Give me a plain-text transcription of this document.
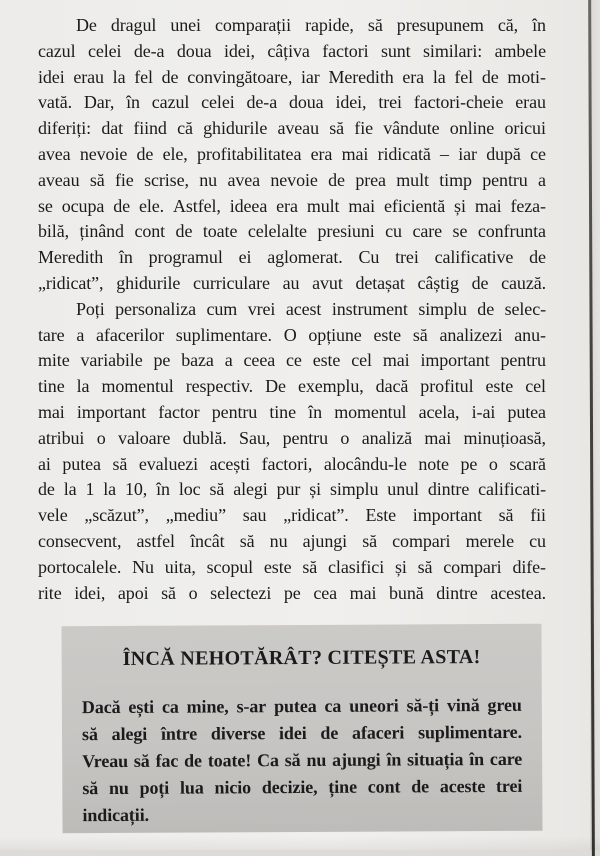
De dragul unei comparații rapide, să presupunem că, în
cazul celei de-a doua idei, câțiva factori sunt similari: ambele
idei erau la fel de convingătoare, iar Meredith era la fel de moti-
vată. Dar, în cazul celei de-a doua idei, trei factori-cheie erau
diferiți: dat fiind că ghidurile aveau să fie vândute online oricui
avea nevoie de ele, profitabilitatea era mai ridicată – iar după ce
aveau să fie scrise, nu avea nevoie de prea mult timp pentru a
se ocupa de ele. Astfel, ideea era mult mai eficientă și mai feza-
bilă, ținând cont de toate celelalte presiuni cu care se confrunta
Meredith în programul ei aglomerat. Cu trei calificative de
„ridicat”, ghidurile curriculare au avut detașat câștig de cauză.
Poți personaliza cum vrei acest instrument simplu de selec-
tare a afacerilor suplimentare. O opțiune este să analizezi anu-
mite variabile pe baza a ceea ce este cel mai important pentru
tine la momentul respectiv. De exemplu, dacă profitul este cel
mai important factor pentru tine în momentul acela, i-ai putea
atribui o valoare dublă. Sau, pentru o analiză mai minuțioasă,
ai putea să evaluezi acești factori, alocându-le note pe o scară
de la 1 la 10, în loc să alegi pur și simplu unul dintre calificati-
vele „scăzut”, „mediu” sau „ridicat”. Este important să fii
consecvent, astfel încât să nu ajungi să compari merele cu
portocalele. Nu uita, scopul este să clasifici și să compari dife-
rite idei, apoi să o selectezi pe cea mai bună dintre acestea.
ÎNCĂ NEHOTĂRÂT? CITEȘTE ASTA!
Dacă ești ca mine, s-ar putea ca uneori să-ți vină greu
să alegi între diverse idei de afaceri suplimentare.
Vreau să fac de toate! Ca să nu ajungi în situația în care
să nu poți lua nicio decizie, ține cont de aceste trei
indicații.
